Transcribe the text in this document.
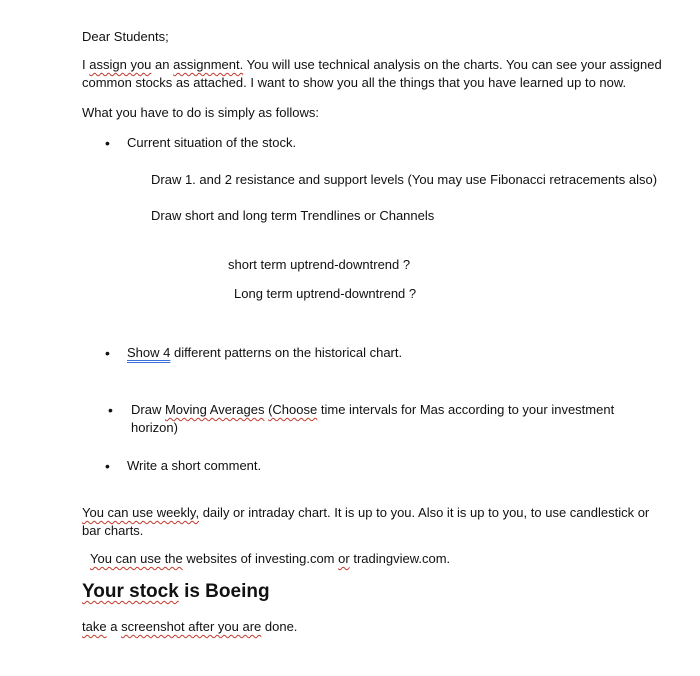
Dear Students;
I assign you an assignment. You will use technical analysis on the charts. You can see your assigned
common stocks as attached. I want to show you all the things that you have learned up to now.
What you have to do is simply as follows:
• Current situation of the stock.
Draw 1. and 2 resistance and support levels (You may use Fibonacci retracements also)
Draw short and long term Trendlines or Channels
short term uptrend-downtrend ?
Long term uptrend-downtrend ?
• Show 4 different patterns on the historical chart.
• Draw Moving Averages (Choose time intervals for Mas according to your investment
horizon)
• Write a short comment.
You can use weekly, daily or intraday chart. It is up to you. Also it is up to you, to use candlestick or
bar charts.
You can use the websites of investing.com or tradingview.com.
Your stock is Boeing
take a screenshot after you are done.
